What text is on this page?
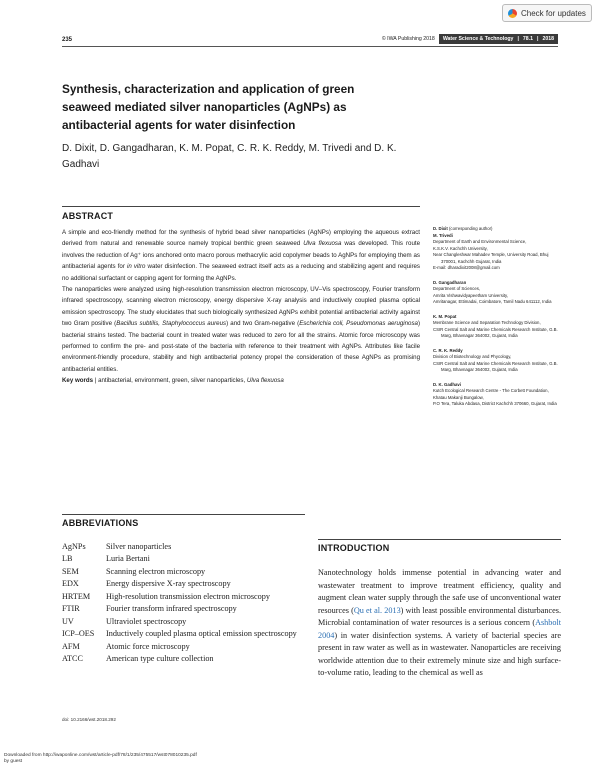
Check for updates
235	© IWA Publishing 2018 Water Science & Technology | 78.1 | 2018
Synthesis, characterization and application of green seaweed mediated silver nanoparticles (AgNPs) as antibacterial agents for water disinfection
D. Dixit, D. Gangadharan, K. M. Popat, C. R. K. Reddy, M. Trivedi and D. K. Gadhavi
ABSTRACT

A simple and eco-friendly method for the synthesis of hybrid bead silver nanoparticles (AgNPs) employing the aqueous extract derived from natural and renewable source namely tropical benthic green seaweed Ulva flexuosa was developed. This route involves the reduction of Ag⁺ ions anchored onto macro porous methacrylic acid copolymer beads to AgNPs for employing them as antibacterial agents for in vitro water disinfection. The seaweed extract itself acts as a reducing and stabilizing agent and requires no additional surfactant or capping agent for forming the AgNPs.

The nanoparticles were analyzed using high-resolution transmission electron microscopy, UV–Vis spectroscopy, Fourier transform infrared spectroscopy, scanning electron microscopy, energy dispersive X-ray analysis and inductively coupled plasma optical emission spectroscopy. The study elucidates that such biologically synthesized AgNPs exhibit potential antibacterial activity against two Gram positive (Bacillus subtilis, Staphylococcus aureus) and two Gram-negative (Escherichia coli, Pseudomonas aeruginosa) bacterial strains tested. The bacterial count in treated water was reduced to zero for all the strains. Atomic force microscopy was performed to confirm the pre- and post-state of the bacteria with reference to their treatment with AgNPs. Attributes like facile environment-friendly procedure, stability and high antibacterial potency propel the consideration of these AgNPs as promising antibacterial entities.

Key words | antibacterial, environment, green, silver nanoparticles, Ulva flexuosa

D. Dixit (corresponding author)
M. Trivedi
Department of Earth and Environmental Science,
K.S.K.V. Kachchh University,
Near Changleshwar Mahadev Temple, University Road, Bhuj 370001, Kachchh Gujarat, India
E-mail: dharadixit2008@gmail.com
D. Gangadharan
Department of Sciences,
Amrita Vishwavidyapeetham University,
Amritanagar, Ettimadai, Coimbatore, Tamil Nadu 641112, India
K. M. Popat
Membrane Science and Separation Technology Division,
CSIR Central Salt and Marine Chemicals Research Institute, G.B. Marg, Bhavnagar 364002, Gujarat, India
C. R. K. Reddy
Division of Biotechnology and Phycology,
CSIR Central Salt and Marine Chemicals Research Institute, G.B. Marg, Bhavnagar 364002, Gujarat, India
D. K. Gadhavi
Kutch Ecological Research Centre - The Corbett Foundation,
Khatau Makanji Bungalow,
P.O Tera, Taluka Abdasa, District Kachchh 370660, Gujarat, India
ABBREVIATIONS
AgNPs	Silver nanoparticles
LB	Luria Bertani
SEM	Scanning electron microscopy
EDX	Energy dispersive X-ray spectroscopy
HRTEM	High-resolution transmission electron microscopy
FTIR	Fourier transform infrared spectroscopy
UV	Ultraviolet spectroscopy
ICP–OES	Inductively coupled plasma optical emission spectroscopy
AFM	Atomic force microscopy
ATCC	American type culture collection
doi: 10.2166/wst.2018.292
INTRODUCTION
Nanotechnology holds immense potential in advancing water and wastewater treatment to improve treatment efficiency, quality and augment clean water supply through the safe use of unconventional water resources (Qu et al. 2013) with least possible environmental disturbances. Microbial contamination of water resources is a serious concern (Ashbolt 2004) in water disinfection systems. A variety of bacterial species are present in raw water as well as in wastewater. Nanoparticles are receiving worldwide attention due to their extremely minute size and high surface-to-volume ratio, leading to the chemical as well as
Downloaded from http://iwaponline.com/wst/article-pdf/78/1/235/475517/wst078010235.pdf
by guest
